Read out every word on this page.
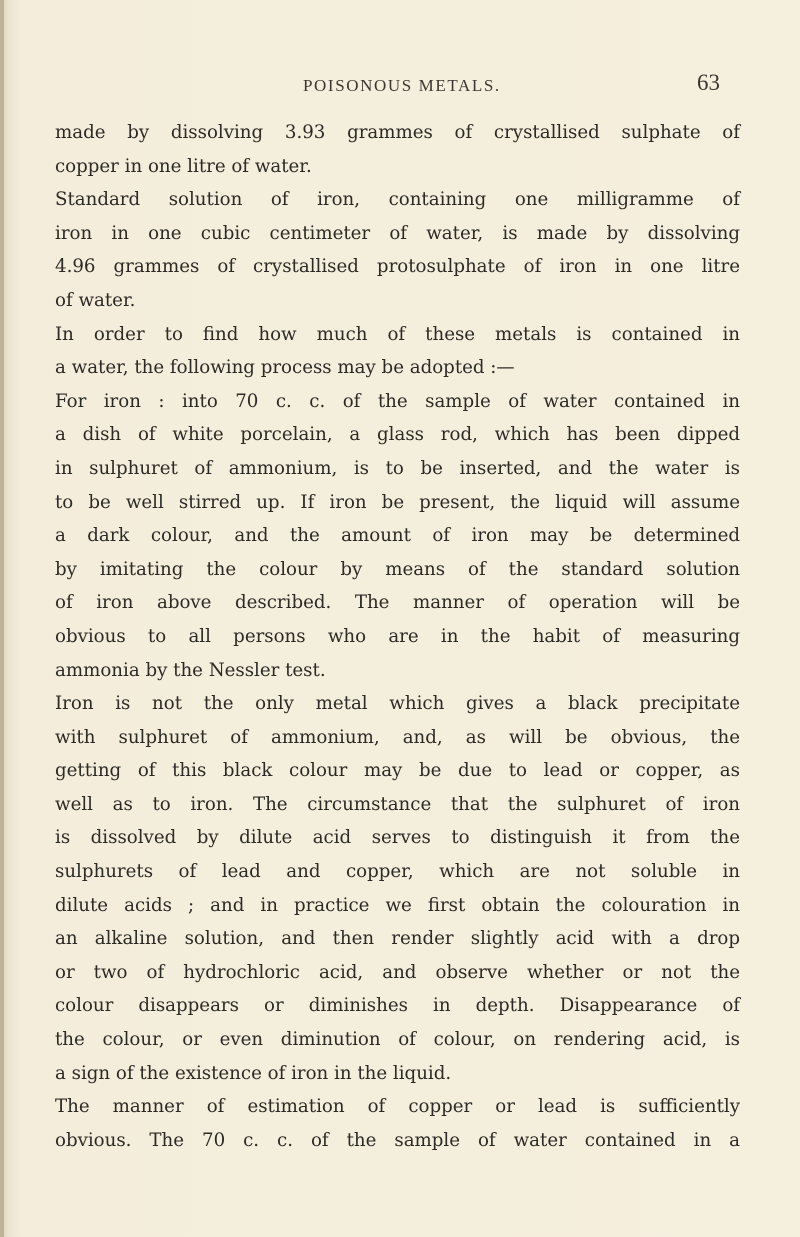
POISONOUS METALS.	63
made by dissolving 3.93 grammes of crystallised sulphate of
copper in one litre of water.
Standard solution of iron, containing one milligramme of
iron in one cubic centimeter of water, is made by dissolving
4.96 grammes of crystallised protosulphate of iron in one litre
of water.
In order to find how much of these metals is contained in
a water, the following process may be adopted :—
For iron : into 70 c. c. of the sample of water contained in
a dish of white porcelain, a glass rod, which has been dipped
in sulphuret of ammonium, is to be inserted, and the water is
to be well stirred up. If iron be present, the liquid will assume
a dark colour, and the amount of iron may be determined
by imitating the colour by means of the standard solution
of iron above described. The manner of operation will be
obvious to all persons who are in the habit of measuring
ammonia by the Nessler test.
Iron is not the only metal which gives a black precipitate
with sulphuret of ammonium, and, as will be obvious, the
getting of this black colour may be due to lead or copper, as
well as to iron. The circumstance that the sulphuret of iron
is dissolved by dilute acid serves to distinguish it from the
sulphurets of lead and copper, which are not soluble in
dilute acids ; and in practice we first obtain the colouration in
an alkaline solution, and then render slightly acid with a drop
or two of hydrochloric acid, and observe whether or not the
colour disappears or diminishes in depth. Disappearance of
the colour, or even diminution of colour, on rendering acid, is
a sign of the existence of iron in the liquid.
The manner of estimation of copper or lead is sufficiently
obvious. The 70 c. c. of the sample of water contained in a
